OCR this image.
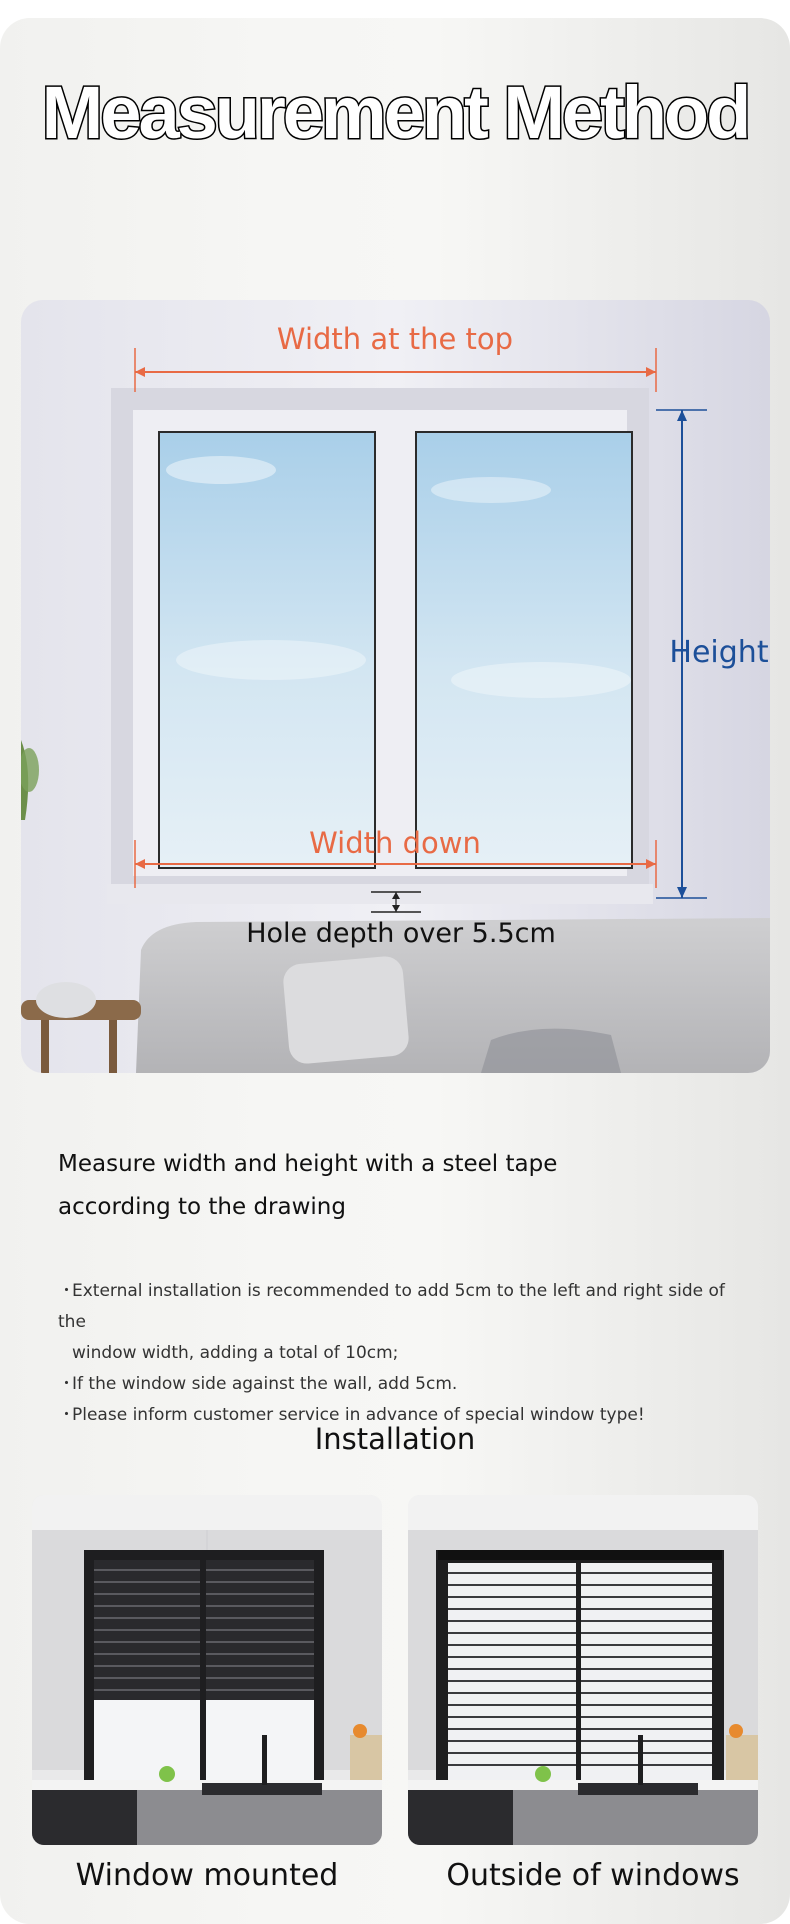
Measurement Method
Width at the top
Height
Width down
Hole depth over 5.5cm
Measure width and height with a steel tape
according to the drawing
・External installation is recommended to add 5cm to the left and right side of the
window width, adding a total of 10cm;
・If the window side against the wall, add 5cm.
・Please inform customer service in advance of special window type!
Installation
Window mounted	Outside of windows
